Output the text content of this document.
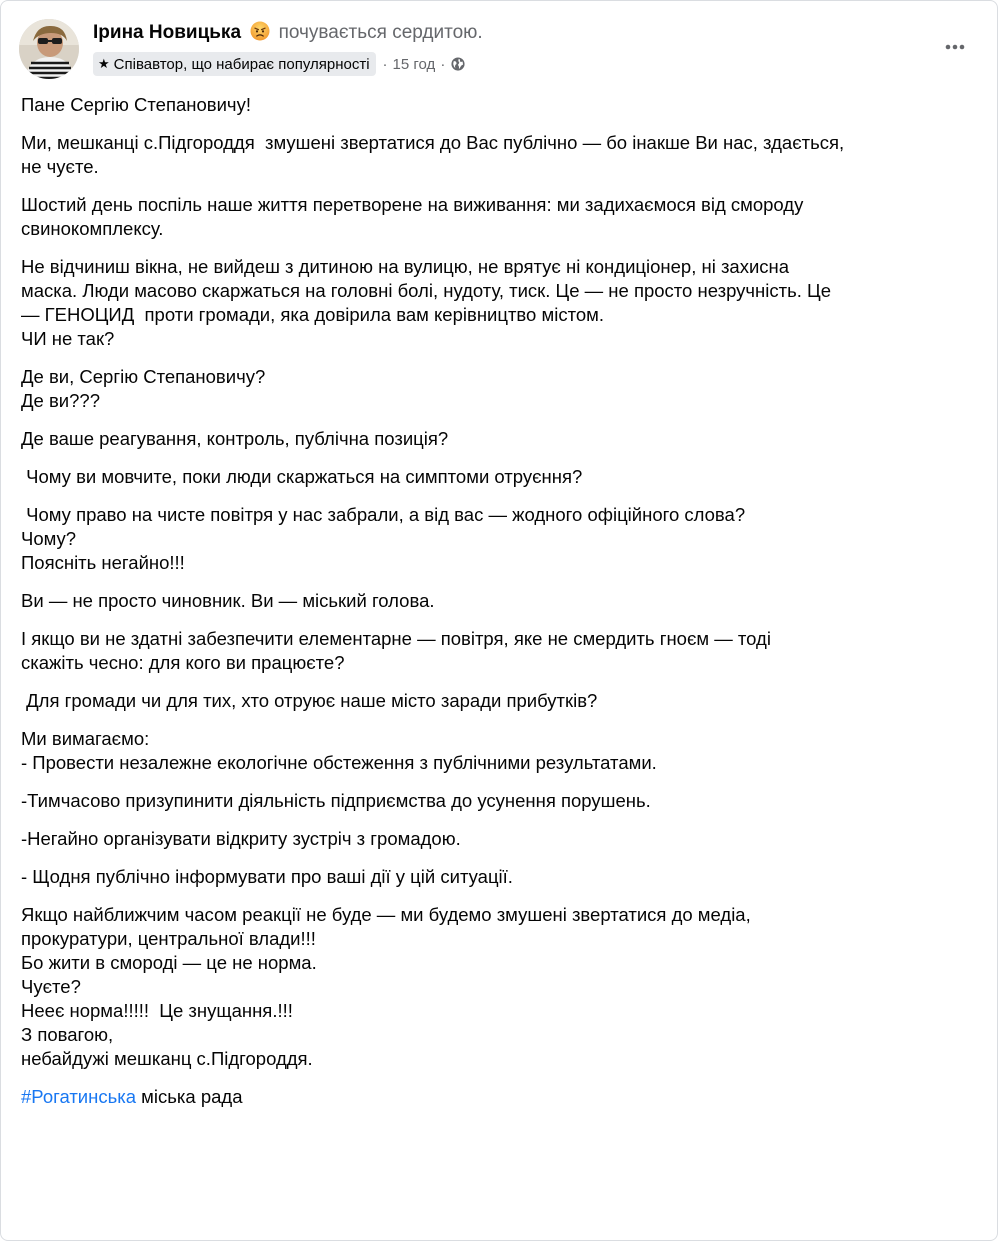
Ірина Новицька почувається сердитою.
★ Співавтор, що набирає популярності · 15 год ·
Пане Сергію Степановичу!
Ми, мешканці с.Підгороддя  змушені звертатися до Вас публічно — бо інакше Ви нас, здається,
не чуєте.
Шостий день поспіль наше життя перетворене на виживання: ми задихаємося від смороду
свинокомплексу.
Не відчиниш вікна, не вийдеш з дитиною на вулицю, не врятує ні кондиціонер, ні захисна
маска. Люди масово скаржаться на головні болі, нудоту, тиск. Це — не просто незручність. Це
— ГЕНОЦИД  проти громади, яка довірила вам керівництво містом.
ЧИ не так?
Де ви, Сергію Степановичу?
Де ви???
Де ваше реагування, контроль, публічна позиція?
Чому ви мовчите, поки люди скаржаться на симптоми отруєння?
Чому право на чисте повітря у нас забрали, а від вас — жодного офіційного слова?
Чому?
Поясніть негайно!!!
Ви — не просто чиновник. Ви — міський голова.
І якщо ви не здатні забезпечити елементарне — повітря, яке не смердить гноєм — тоді
скажіть чесно: для кого ви працюєте?
Для громади чи для тих, хто отруює наше місто заради прибутків?
Ми вимагаємо:
- Провести незалежне екологічне обстеження з публічними результатами.
-Тимчасово призупинити діяльність підприємства до усунення порушень.
-Негайно організувати відкриту зустріч з громадою.
- Щодня публічно інформувати про ваші дії у цій ситуації.
Якщо найближчим часом реакції не буде — ми будемо змушені звертатися до медіа,
прокуратури, центральної влади!!!
Бо жити в смороді — це не норма.
Чуєте?
Нееє норма!!!!!  Це знущання.!!!
З повагою,
небайдужі мешканц с.Підгороддя.
#Рогатинська міська рада
